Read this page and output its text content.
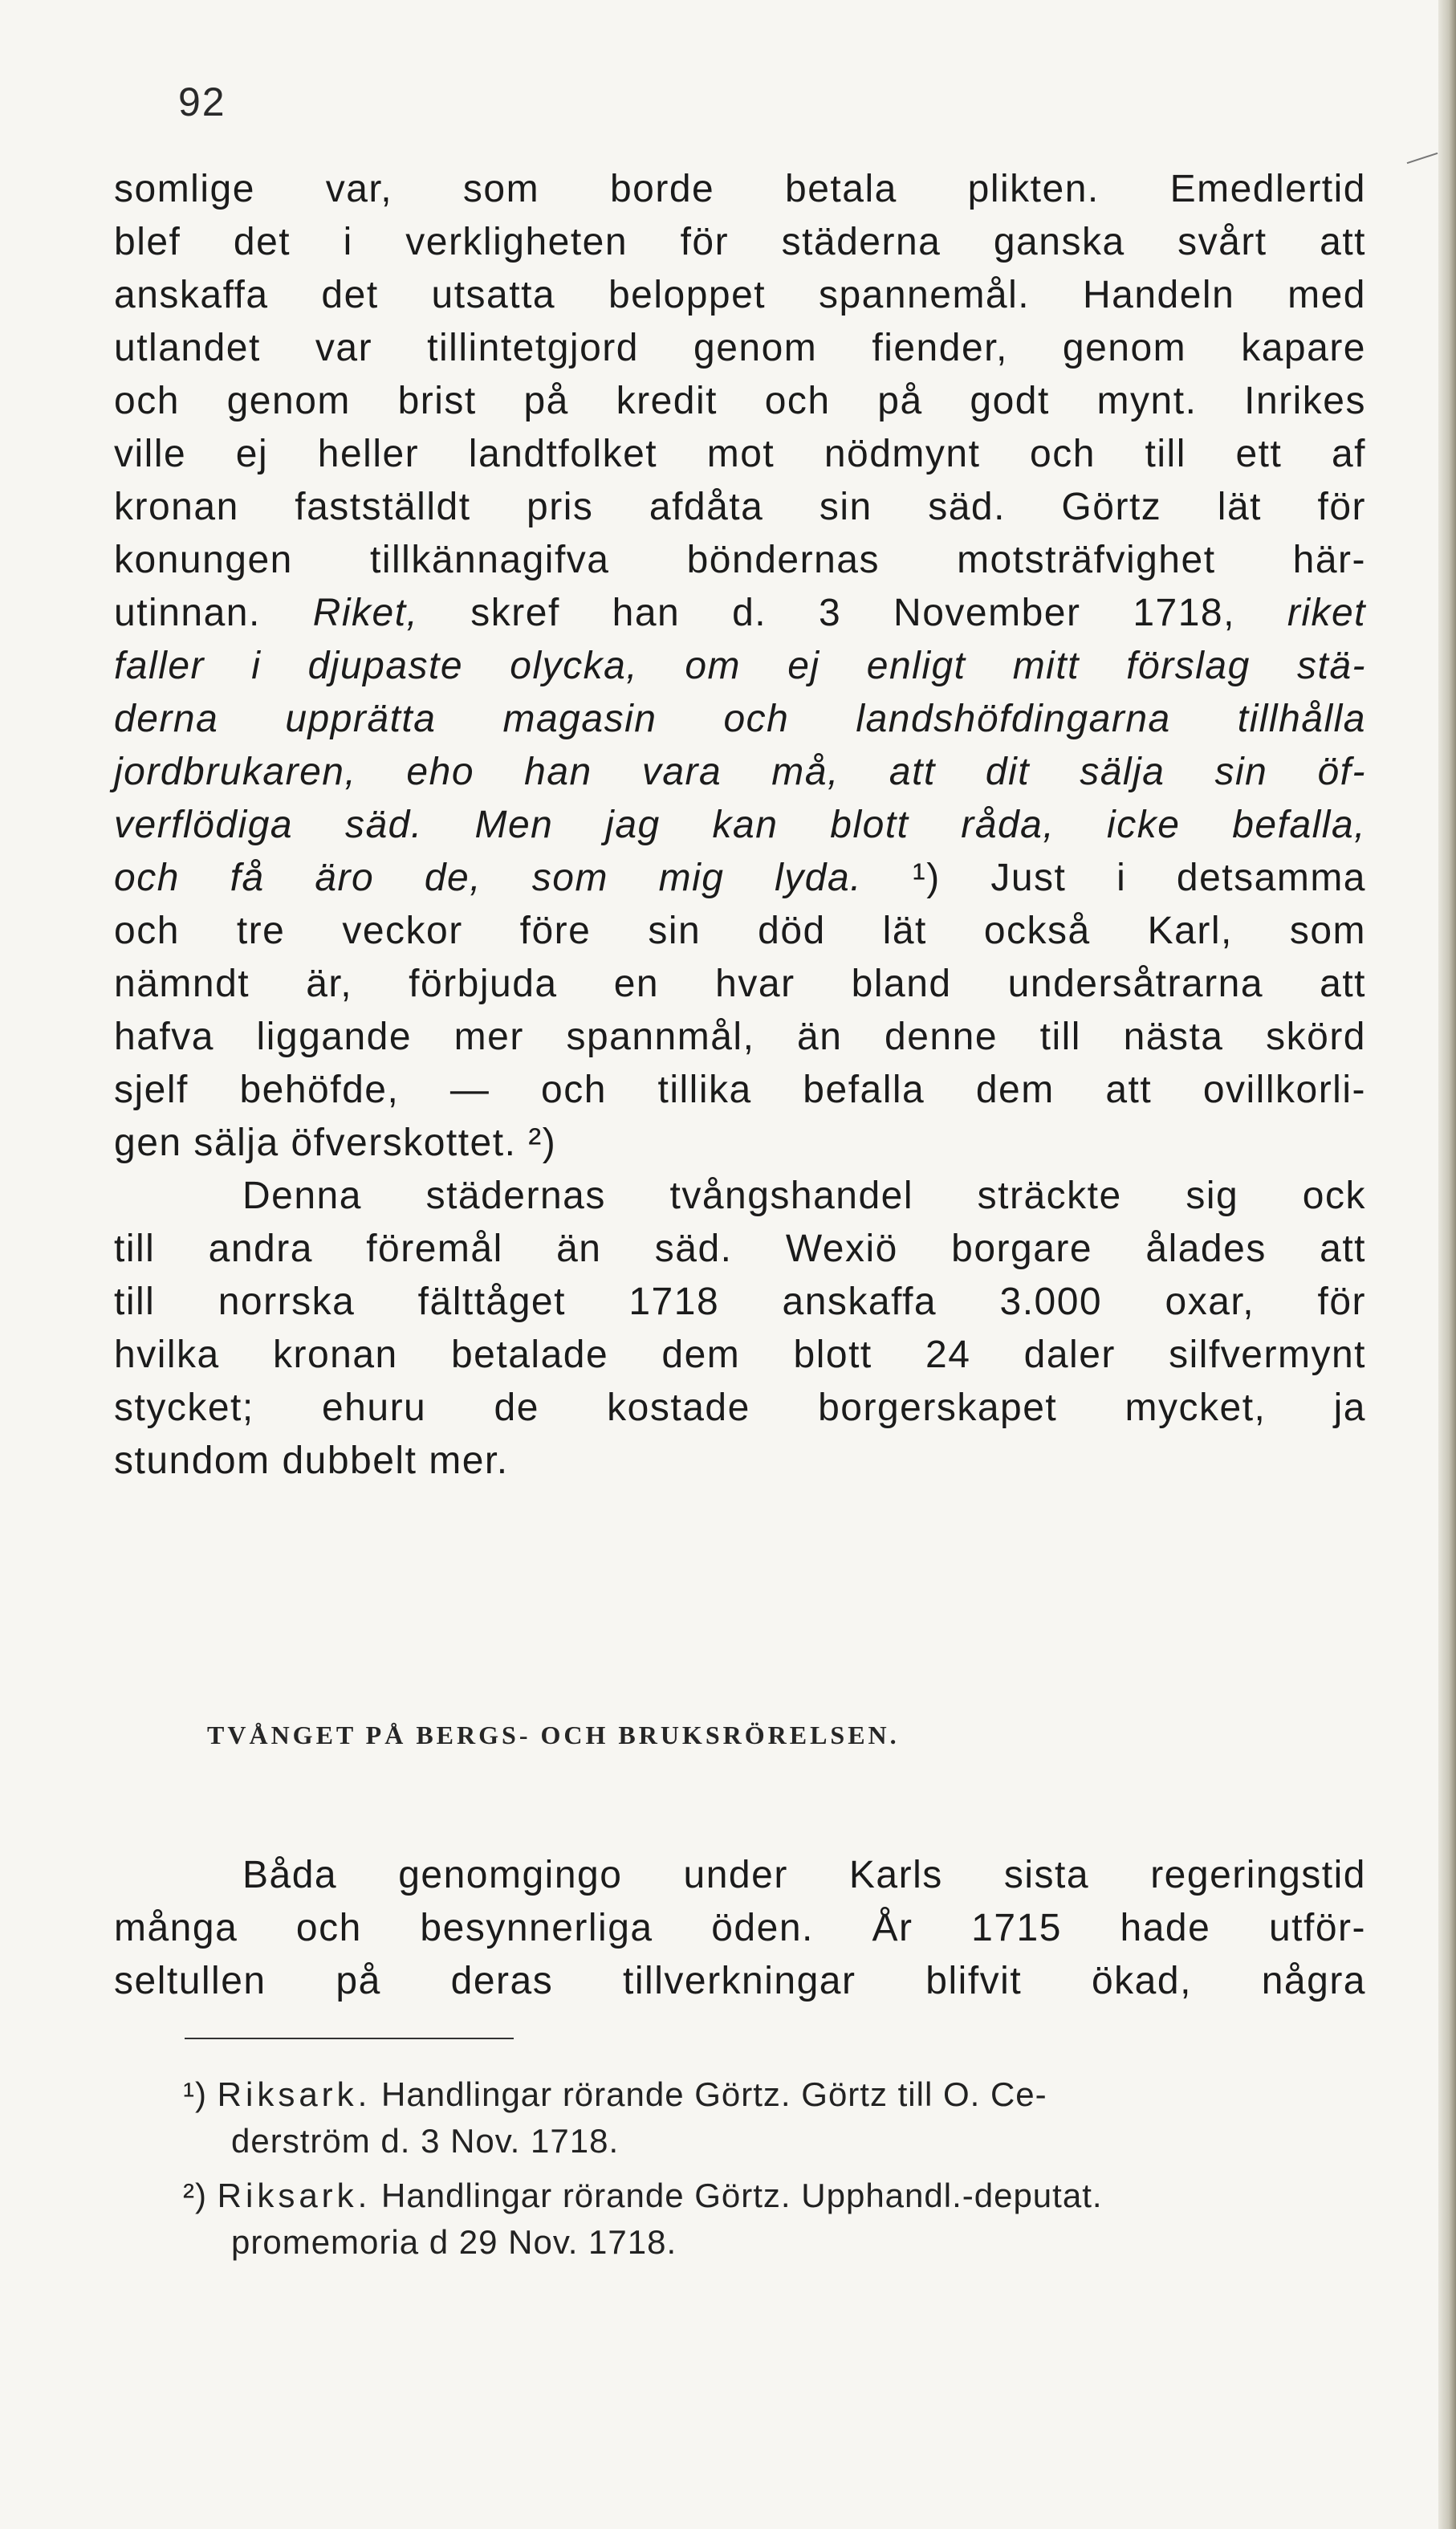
92
somlige var, som borde betala plikten. Emedlertid
blef det i verkligheten för städerna ganska svårt att
anskaffa det utsatta beloppet spannemål. Handeln med
utlandet var tillintetgjord genom fiender, genom kapare
och genom brist på kredit och på godt mynt. Inrikes
ville ej heller landtfolket mot nödmynt och till ett af
kronan fastställdt pris afdåta sin säd. Görtz lät för
konungen tillkännagifva böndernas motsträfvighet här-
utinnan. Riket, skref han d. 3 November 1718, riket
faller i djupaste olycka, om ej enligt mitt förslag stä-
derna upprätta magasin och landshöfdingarna tillhålla
jordbrukaren, eho han vara må, att dit sälja sin öf-
verflödiga säd. Men jag kan blott råda, icke befalla,
och få äro de, som mig lyda. ¹) Just i detsamma
och tre veckor före sin död lät också Karl, som
nämndt är, förbjuda en hvar bland undersåtrarna att
hafva liggande mer spannmål, än denne till nästa skörd
sjelf behöfde, — och tillika befalla dem att ovillkorli-
gen sälja öfverskottet. ²)
Denna städernas tvångshandel sträckte sig ock
till andra föremål än säd. Wexiö borgare ålades att
till norrska fälttåget 1718 anskaffa 3.000 oxar, för
hvilka kronan betalade dem blott 24 daler silfvermynt
stycket; ehuru de kostade borgerskapet mycket, ja
stundom dubbelt mer.
TVÅNGET PÅ BERGS- OCH BRUKSRÖRELSEN.
Båda genomgingo under Karls sista regeringstid
många och besynnerliga öden. År 1715 hade utför-
seltullen på deras tillverkningar blifvit ökad, några
¹) Riksark. Handlingar rörande Görtz. Görtz till O. Ce-
derström d. 3 Nov. 1718.
²) Riksark. Handlingar rörande Görtz. Upphandl.-deputat.
promemoria d 29 Nov. 1718.
